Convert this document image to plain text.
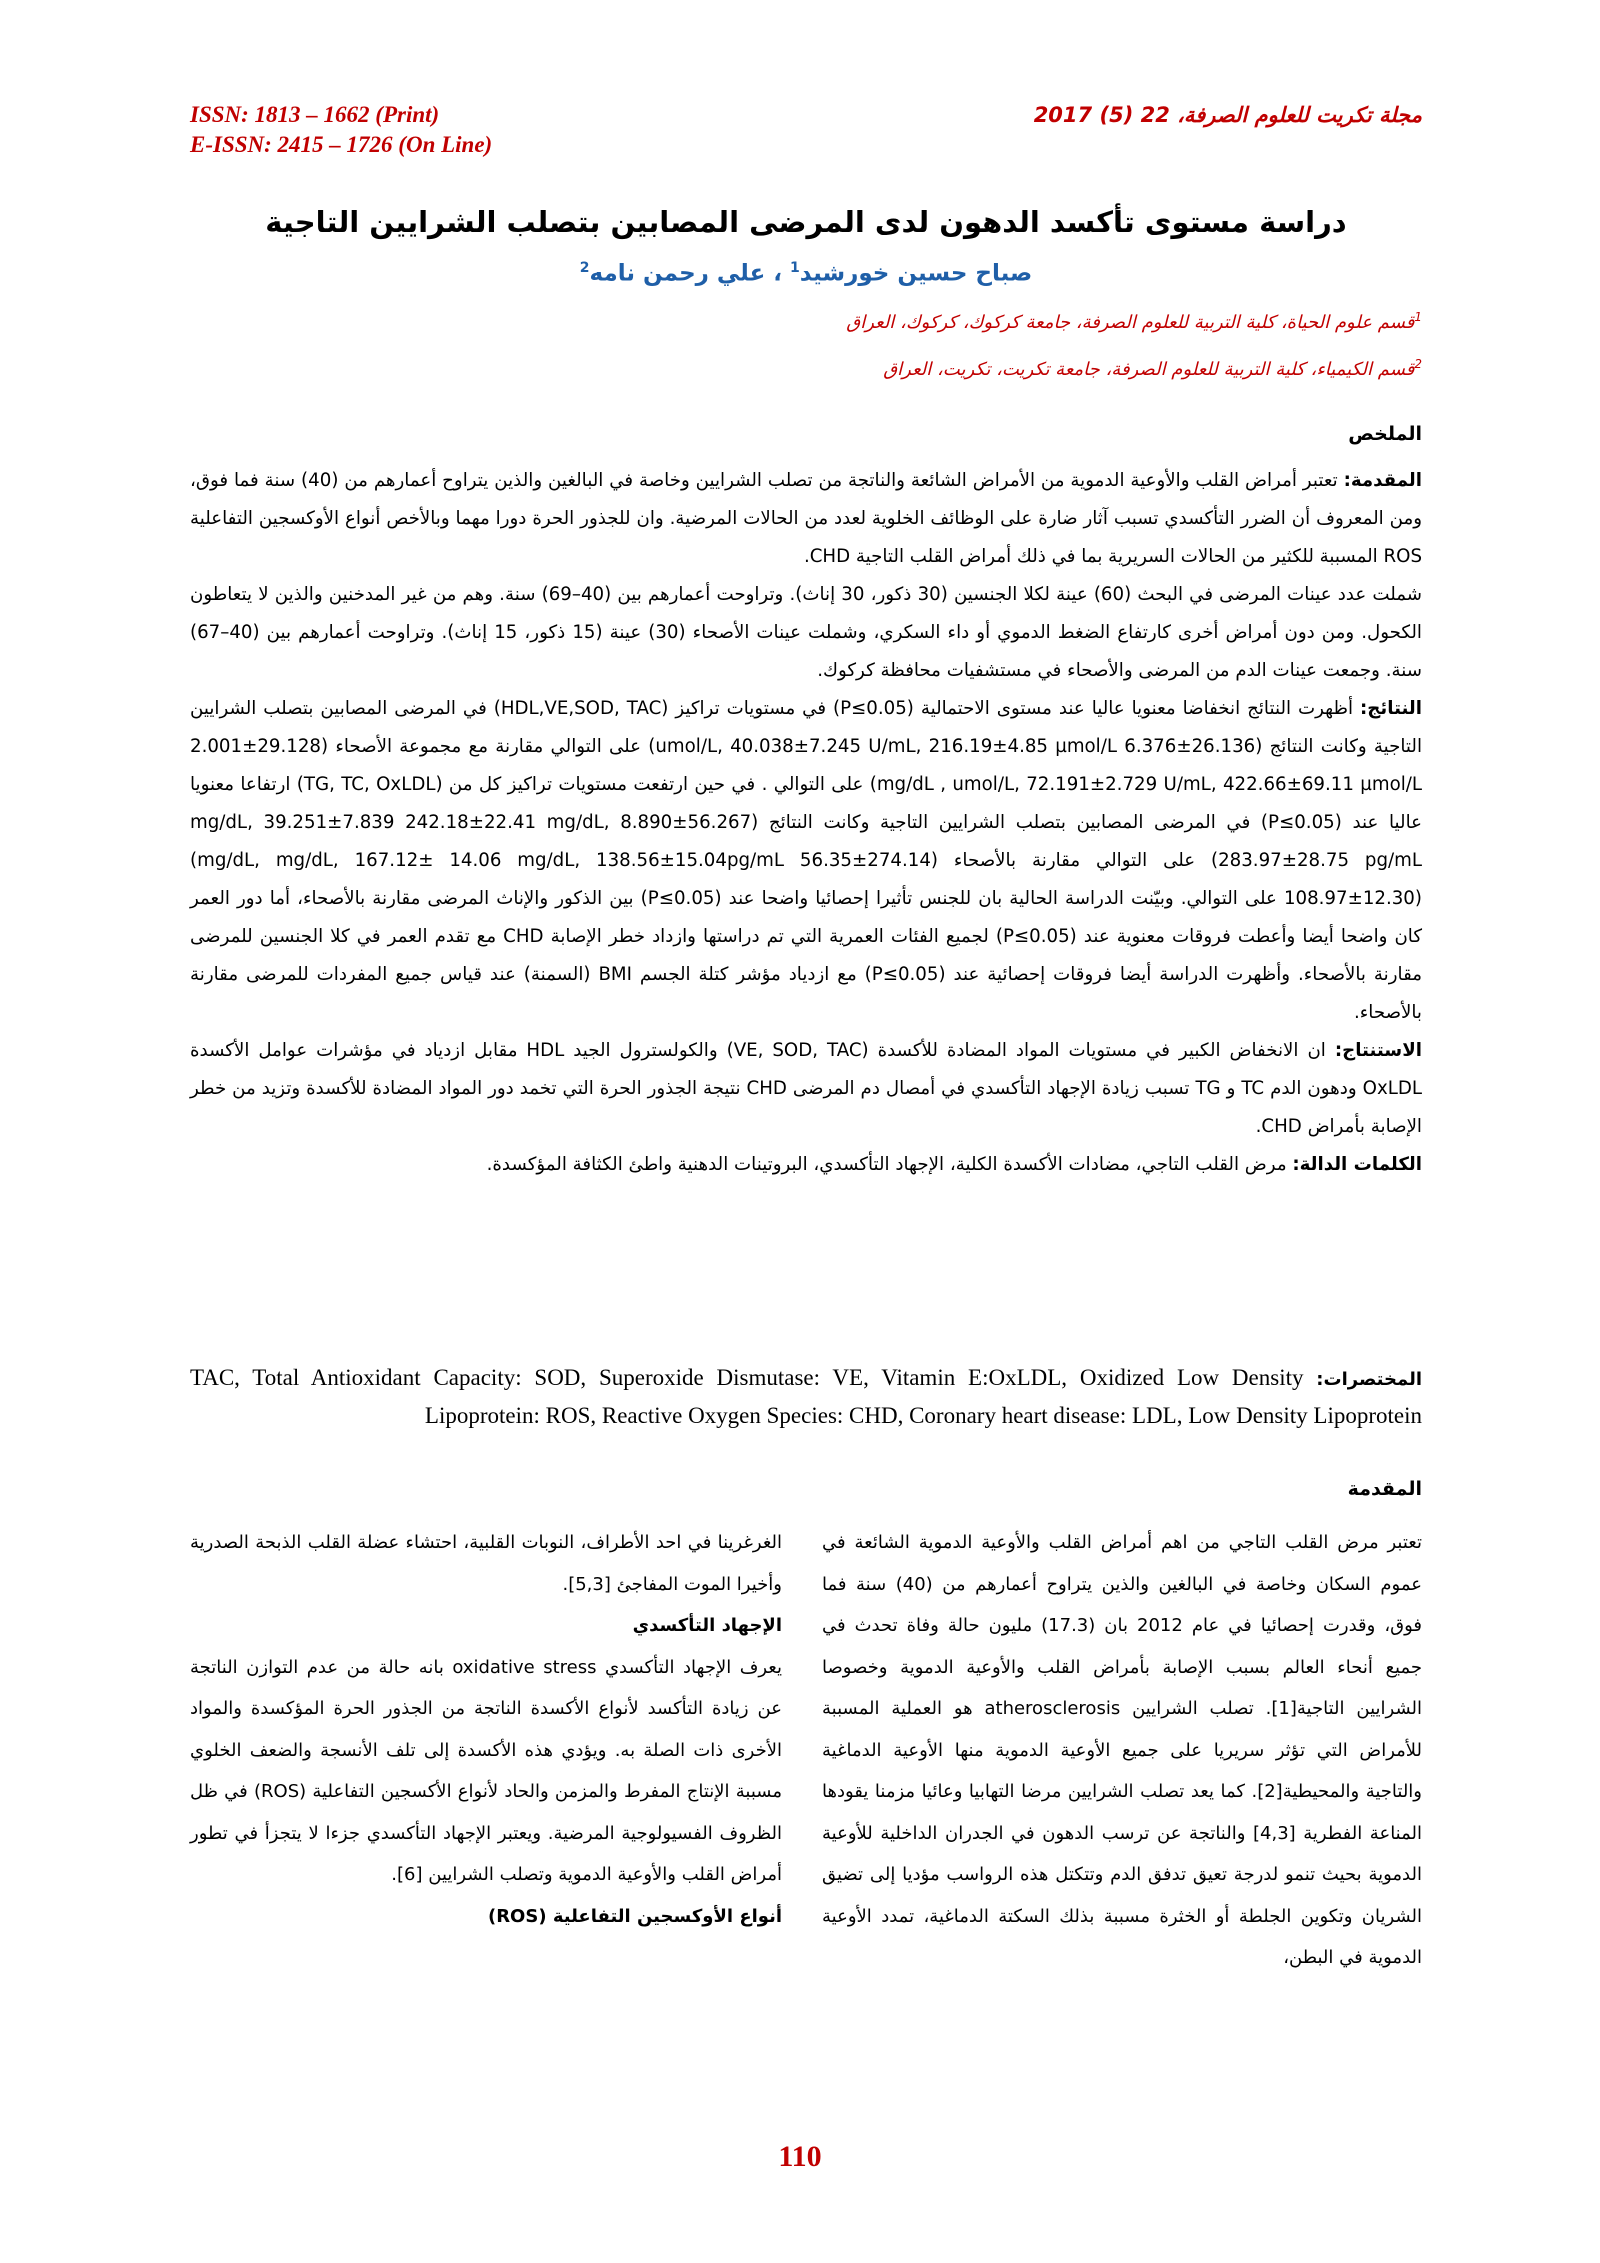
ISSN: 1813 – 1662 (Print)
E-ISSN: 2415 – 1726 (On Line)
مجلة تكريت للعلوم الصرفة، 22 (5) 2017
دراسة مستوى تأكسد الدهون لدى المرضى المصابين بتصلب الشرايين التاجية
صباح حسين خورشيد$^1$ ، علي رحمن نامه$^2$
$^1$قسم علوم الحياة، كلية التربية للعلوم الصرفة، جامعة كركوك، كركوك، العراق
$^2$قسم الكيمياء، كلية التربية للعلوم الصرفة، جامعة تكريت، تكريت، العراق
الملخص

المقدمة: تعتبر أمراض القلب والأوعية الدموية من الأمراض الشائعة والناتجة من تصلب الشرايين وخاصة في البالغين والذين يتراوح أعمارهم من (40) سنة فما فوق، ومن المعروف أن الضرر التأكسدي تسبب آثار ضارة على الوظائف الخلوية لعدد من الحالات المرضية. وان للجذور الحرة دورا مهما وبالأخص أنواع الأوكسجين التفاعلية ROS المسببة للكثير من الحالات السريرية بما في ذلك أمراض القلب التاجية CHD.

شملت عدد عينات المرضى في البحث (60) عينة لكلا الجنسين (30 ذكور، 30 إناث). وتراوحت أعمارهم بين (40–69) سنة. وهم من غير المدخنين والذين لا يتعاطون الكحول. ومن دون أمراض أخرى كارتفاع الضغط الدموي أو داء السكري، وشملت عينات الأصحاء (30) عينة (15 ذكور، 15 إناث). وتراوحت أعمارهم بين (40–67) سنة. وجمعت عينات الدم من المرضى والأصحاء في مستشفيات محافظة كركوك.

النتائج: أظهرت النتائج انخفاضا معنويا عاليا عند مستوى الاحتمالية (P≤0.05) في مستويات تراكيز (HDL,VE,SOD, TAC) في المرضى المصابين بتصلب الشرايين التاجية وكانت النتائج (26.136±6.376 umol/L, 40.038±7.245 U/mL, 216.19±4.85 µmol/L) على التوالي مقارنة مع مجموعة الأصحاء (29.128±2.001 mg/dL , umol/L, 72.191±2.729 U/mL, 422.66±69.11 µmol/L) على التوالي . في حين ارتفعت مستويات تراكيز كل من (TG, TC, OxLDL) ارتفاعا معنويا عاليا عند (P≤0.05) في المرضى المصابين بتصلب الشرايين التاجية وكانت النتائج (56.267±8.890 mg/dL, 39.251±7.839 242.18±22.41 mg/dL, 283.97±28.75 pg/mL) على التوالي مقارنة بالأصحاء (274.14±56.35 mg/dL, mg/dL, 167.12± 14.06 mg/dL, 138.56±15.04pg/mL) (108.97±12.30 على التوالي. وبيّنت الدراسة الحالية بان للجنس تأثيرا إحصائيا واضحا عند (P≤0.05) بين الذكور والإناث المرضى مقارنة بالأصحاء، أما دور العمر كان واضحا أيضا وأعطت فروقات معنوية عند (P≤0.05) لجميع الفئات العمرية التي تم دراستها وازداد خطر الإصابة CHD مع تقدم العمر في كلا الجنسين للمرضى مقارنة بالأصحاء. وأظهرت الدراسة أيضا فروقات إحصائية عند (P≤0.05) مع ازدياد مؤشر كتلة الجسم BMI (السمنة) عند قياس جميع المفردات للمرضى مقارنة بالأصحاء.

الاستنتاج: ان الانخفاض الكبير في مستويات المواد المضادة للأكسدة (VE, SOD, TAC) والكولسترول الجيد HDL مقابل ازدياد في مؤشرات عوامل الأكسدة OxLDL ودهون الدم TC و TG تسبب زيادة الإجهاد التأكسدي في أمصال دم المرضى CHD نتيجة الجذور الحرة التي تخمد دور المواد المضادة للأكسدة وتزيد من خطر الإصابة بأمراض CHD.

الكلمات الدالة: مرض القلب التاجي، مضادات الأكسدة الكلية، الإجهاد التأكسدي، البروتينات الدهنية واطئ الكثافة المؤكسدة.

المختصرات: TAC, Total Antioxidant Capacity: SOD, Superoxide Dismutase: VE, Vitamin E:OxLDL, Oxidized Low Density Lipoprotein: ROS, Reactive Oxygen Species: CHD, Coronary heart disease: LDL, Low Density Lipoprotein
المقدمة

تعتبر مرض القلب التاجي من اهم أمراض القلب والأوعية الدموية الشائعة في عموم السكان وخاصة في البالغين والذين يتراوح أعمارهم من (40) سنة فما فوق، وقدرت إحصائيا في عام 2012 بان (17.3) مليون حالة وفاة تحدث في جميع أنحاء العالم بسبب الإصابة بأمراض القلب والأوعية الدموية وخصوصا الشرايين التاجية[1]. تصلب الشرايين atherosclerosis هو العملية المسببة للأمراض التي تؤثر سريريا على جميع الأوعية الدموية منها الأوعية الدماغية والتاجية والمحيطية[2]. كما يعد تصلب الشرايين مرضا التهابيا وعائيا مزمنا يقودها المناعة الفطرية [4,3] والناتجة عن ترسب الدهون في الجدران الداخلية للأوعية الدموية بحيث تنمو لدرجة تعيق تدفق الدم وتتكتل هذه الرواسب مؤديا إلى تضيق الشريان وتكوين الجلطة أو الخثرة مسببة بذلك السكتة الدماغية، تمدد الأوعية الدموية في البطن،

الغرغرينا في احد الأطراف، النوبات القلبية، احتشاء عضلة القلب الذبحة الصدرية وأخيرا الموت المفاجئ [5,3].

الإجهاد التأكسدي

يعرف الإجهاد التأكسدي oxidative stress بانه حالة من عدم التوازن الناتجة عن زيادة التأكسد لأنواع الأكسدة الناتجة من الجذور الحرة المؤكسدة والمواد الأخرى ذات الصلة به. ويؤدي هذه الأكسدة إلى تلف الأنسجة والضعف الخلوي مسببة الإنتاج المفرط والمزمن والحاد لأنواع الأكسجين التفاعلية (ROS) في ظل الظروف الفسيولوجية المرضية. ويعتبر الإجهاد التأكسدي جزءا لا يتجزأ في تطور أمراض القلب والأوعية الدموية وتصلب الشرايين [6].

أنواع الأوكسجين التفاعلية (ROS)

110
